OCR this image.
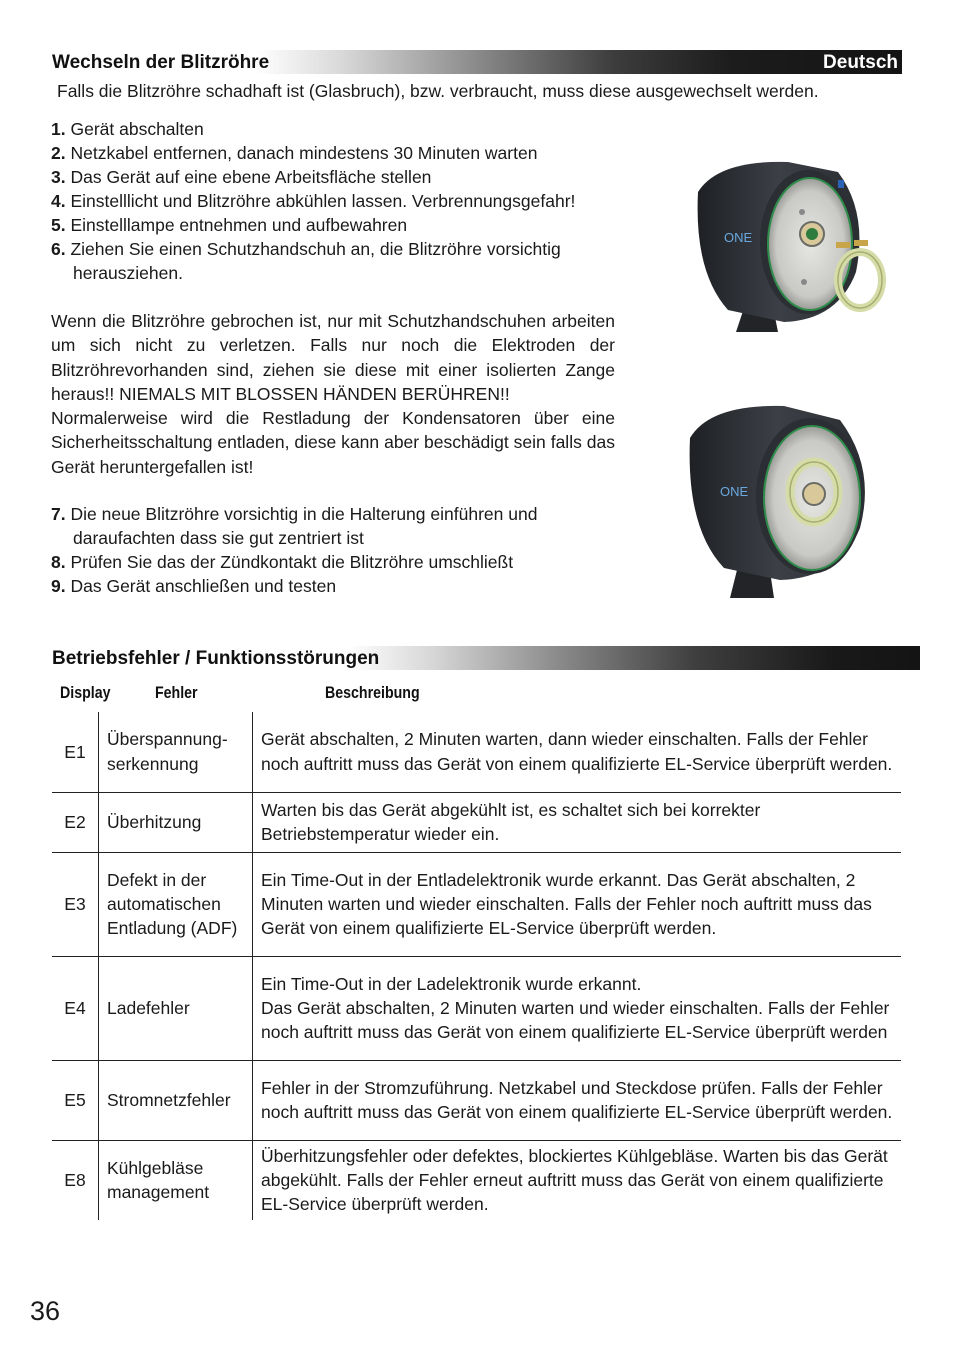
Wechseln der Blitzröhre	Deutsch
Falls die Blitzröhre schadhaft ist (Glasbruch), bzw. verbraucht, muss diese ausgewechselt werden.
1. Gerät abschalten
2. Netzkabel entfernen, danach mindestens 30 Minuten warten
3. Das Gerät auf eine ebene Arbeitsfläche stellen
4. Einstelllicht und Blitzröhre abkühlen lassen. Verbrennungsgefahr!
5. Einstelllampe entnehmen und aufbewahren
6. Ziehen Sie einen Schutzhandschuh an, die Blitzröhre vorsichtig
herausziehen.

Wenn die Blitzröhre gebrochen ist, nur mit Schutzhandschuhen arbeiten um sich nicht zu verletzen. Falls nur noch die Elektroden der Blitzröhrevorhanden sind, ziehen sie diese mit einer isolierten Zange heraus!! NIEMALS MIT BLOSSEN HÄNDEN BERÜHREN!!

Normalerweise wird die Restladung der Kondensatoren über eine Sicherheitsschaltung entladen, diese kann aber beschädigt sein falls das Gerät heruntergefallen ist!

7. Die neue Blitzröhre vorsichtig in die Halterung einführen und
daraufachten dass sie gut zentriert ist
8. Prüfen Sie das der Zündkontakt die Blitzröhre umschließt
9. Das Gerät anschließen und testen
ONE
ONE
Betriebsfehler / Funktionsstörungen
Display	Fehler	Beschreibung
E1	Überspannungserkennung	Gerät abschalten, 2 Minuten warten, dann wieder einschalten. Falls der Fehler noch auftritt muss das Gerät von einem qualifizierte EL-Service überprüft werden.
E2	Überhitzung	Warten bis das Gerät abgekühlt ist, es schaltet sich bei korrekter Betriebstemperatur wieder ein.
E3	Defekt in der automatischen Entladung (ADF)	Ein Time-Out in der Entladelektronik wurde erkannt. Das Gerät abschalten, 2 Minuten warten und wieder einschalten. Falls der Fehler noch auftritt muss das Gerät von einem qualifizierte EL-Service überprüft werden.
E4	Ladefehler	Ein Time-Out in der Ladelektronik wurde erkannt.
Das Gerät abschalten, 2 Minuten warten und wieder einschalten. Falls der Fehler noch auftritt muss das Gerät von einem qualifizierte EL-Service überprüft werden
E5	Stromnetzfehler	Fehler in der Stromzuführung. Netzkabel und Steckdose prüfen. Falls der Fehler noch auftritt muss das Gerät von einem qualifizierte EL-Service überprüft werden.
E8	Kühlgebläse management	Überhitzungsfehler oder defektes, blockiertes Kühlgebläse. Warten bis das Gerät abgekühlt. Falls der Fehler erneut auftritt muss das Gerät von einem qualifizierte EL-Service überprüft werden.
36
